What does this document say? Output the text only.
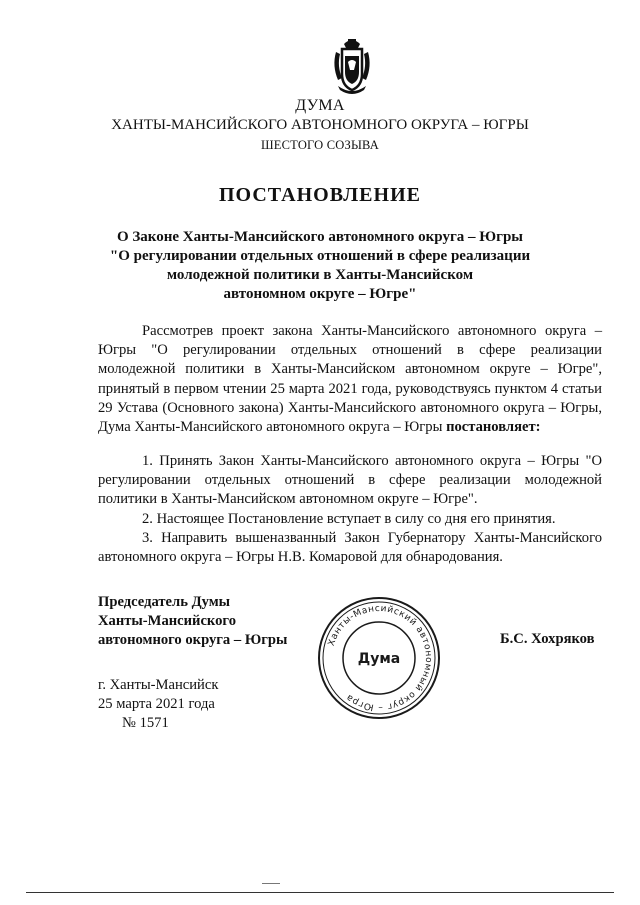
ДУМА
ХАНТЫ-МАНСИЙСКОГО АВТОНОМНОГО ОКРУГА – ЮГРЫ
ШЕСТОГО СОЗЫВА
ПОСТАНОВЛЕНИЕ
О Законе Ханты-Мансийского автономного округа – Югры
"О регулировании отдельных отношений в сфере реализации
молодежной политики в Ханты-Мансийском
автономном округе – Югре"

Рассмотрев проект закона Ханты-Мансийского автономного округа – Югры "О регулировании отдельных отношений в сфере реализации молодежной политики в Ханты-Мансийском автономном округе – Югре", принятый в первом чтении 25 марта 2021 года, руководствуясь пунктом 4 статьи 29 Устава (Основного закона) Ханты-Мансийского автономного округа – Югры, Дума Ханты-Мансийского автономного округа – Югры постановляет:

1. Принять Закон Ханты-Мансийского автономного округа – Югры "О регулировании отдельных отношений в сфере реализации молодежной политики в Ханты-Мансийском автономном округе – Югре".

2. Настоящее Постановление вступает в силу со дня его принятия.

3. Направить вышеназванный Закон Губернатору Ханты-Мансийского автономного округа – Югры Н.В. Комаровой для обнародования.

Председатель Думы
Ханты-Мансийского
автономного округа – Югры	Б.С. Хохряков
Ханты-Мансийский автономный округ – Югра
Дума
г. Ханты-Мансийск
25 марта 2021 года
№ 1571
